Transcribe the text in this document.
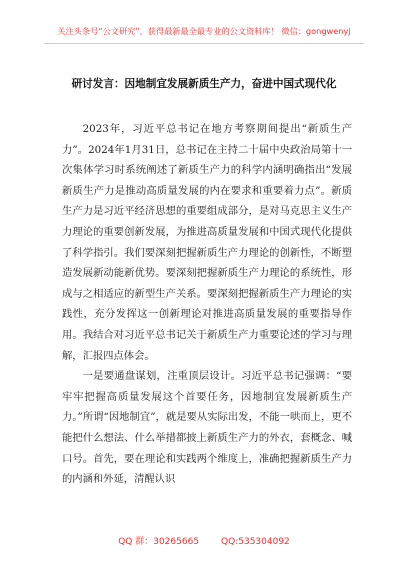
关注头条号“公文研究”，获得最新最全最专业的公文资料库！ 微信：gongwenyj
研讨发言：因地制宜发展新质生产力，奋进中国式现代化

2023年，习近平总书记在地方考察期间提出“新质生产力”。2024年1月31日，总书记在主持二十届中央政治局第十一次集体学习时系统阐述了新质生产力的科学内涵明确指出“发展新质生产力是推动高质量发展的内在要求和重要着力点”。新质生产力是习近平经济思想的重要组成部分，是对马克思主义生产力理论的重要创新发展，为推进高质量发展和中国式现代化提供了科学指引。我们要深刻把握新质生产力理论的创新性，不断塑造发展新动能新优势。要深刻把握新质生产力理论的系统性，形成与之相适应的新型生产关系。要深刻把握新质生产力理论的实践性，充分发挥这一创新理论对推进高质量发展的重要指导作用。我结合对习近平总书记关于新质生产力重要论述的学习与理解，汇报四点体会。

一是要通盘谋划，注重顶层设计。习近平总书记强调：“要牢牢把握高质量发展这个首要任务，因地制宜发展新质生产力。”所谓“因地制宜”，就是要从实际出发，不能一哄而上，更不能把什么想法、什么举措都披上新质生产力的外衣，套概念、喊口号。首先，要在理论和实践两个维度上，准确把握新质生产力的内涵和外延，清醒认识

QQ 群：30265665 QQ:535304092
